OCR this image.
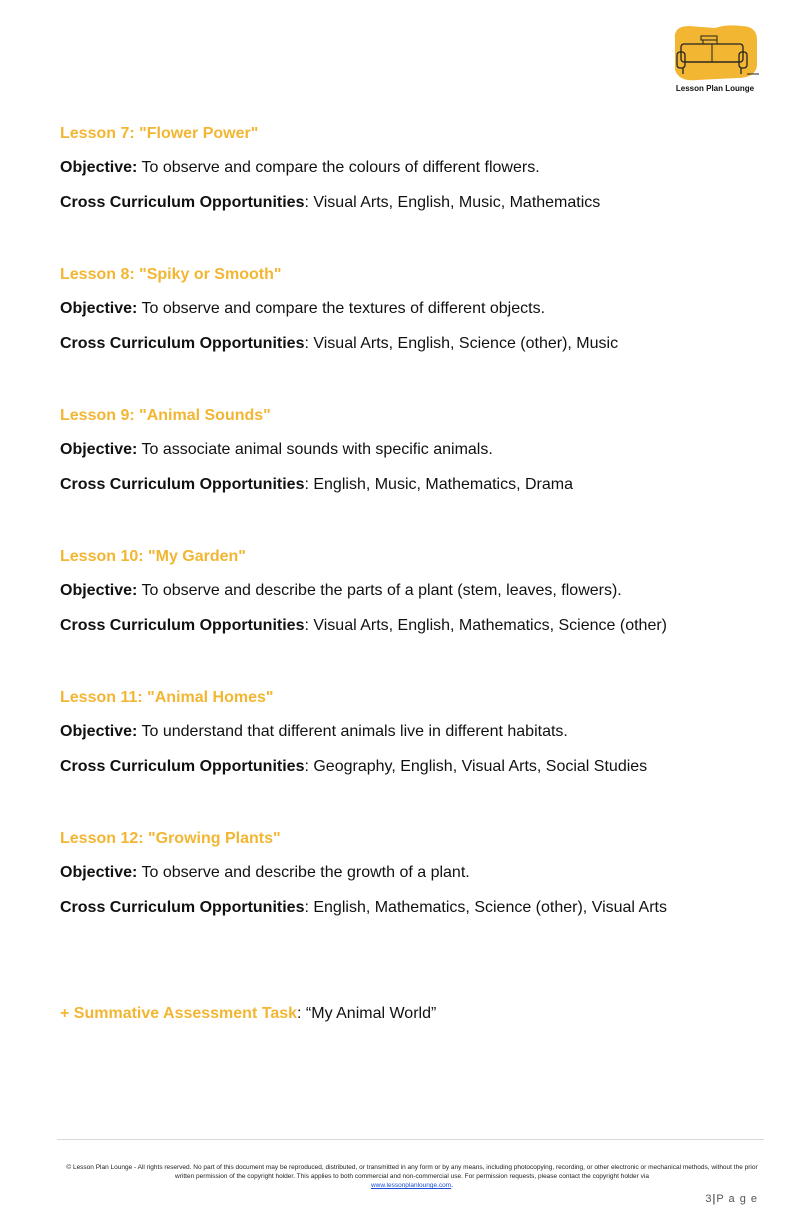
Lesson Plan Lounge
Lesson 7: "Flower Power"
Objective: To observe and compare the colours of different flowers.
Cross Curriculum Opportunities: Visual Arts, English, Music, Mathematics
Lesson 8: "Spiky or Smooth"
Objective: To observe and compare the textures of different objects.
Cross Curriculum Opportunities: Visual Arts, English, Science (other), Music
Lesson 9: "Animal Sounds"
Objective: To associate animal sounds with specific animals.
Cross Curriculum Opportunities: English, Music, Mathematics, Drama
Lesson 10: "My Garden"
Objective: To observe and describe the parts of a plant (stem, leaves, flowers).
Cross Curriculum Opportunities: Visual Arts, English, Mathematics, Science (other)
Lesson 11: "Animal Homes"
Objective: To understand that different animals live in different habitats.
Cross Curriculum Opportunities: Geography, English, Visual Arts, Social Studies
Lesson 12: "Growing Plants"
Objective: To observe and describe the growth of a plant.
Cross Curriculum Opportunities: English, Mathematics, Science (other), Visual Arts
+ Summative Assessment Task: “My Animal World”
© Lesson Plan Lounge - All rights reserved. No part of this document may be reproduced, distributed, or transmitted in any form or by any means, including photocopying, recording, or other electronic or mechanical methods, without the prior written permission of the copyright holder. This applies to both commercial and non-commercial use. For permission requests, please contact the copyright holder via
www.lessonplanlounge.com.
3|P a g e
